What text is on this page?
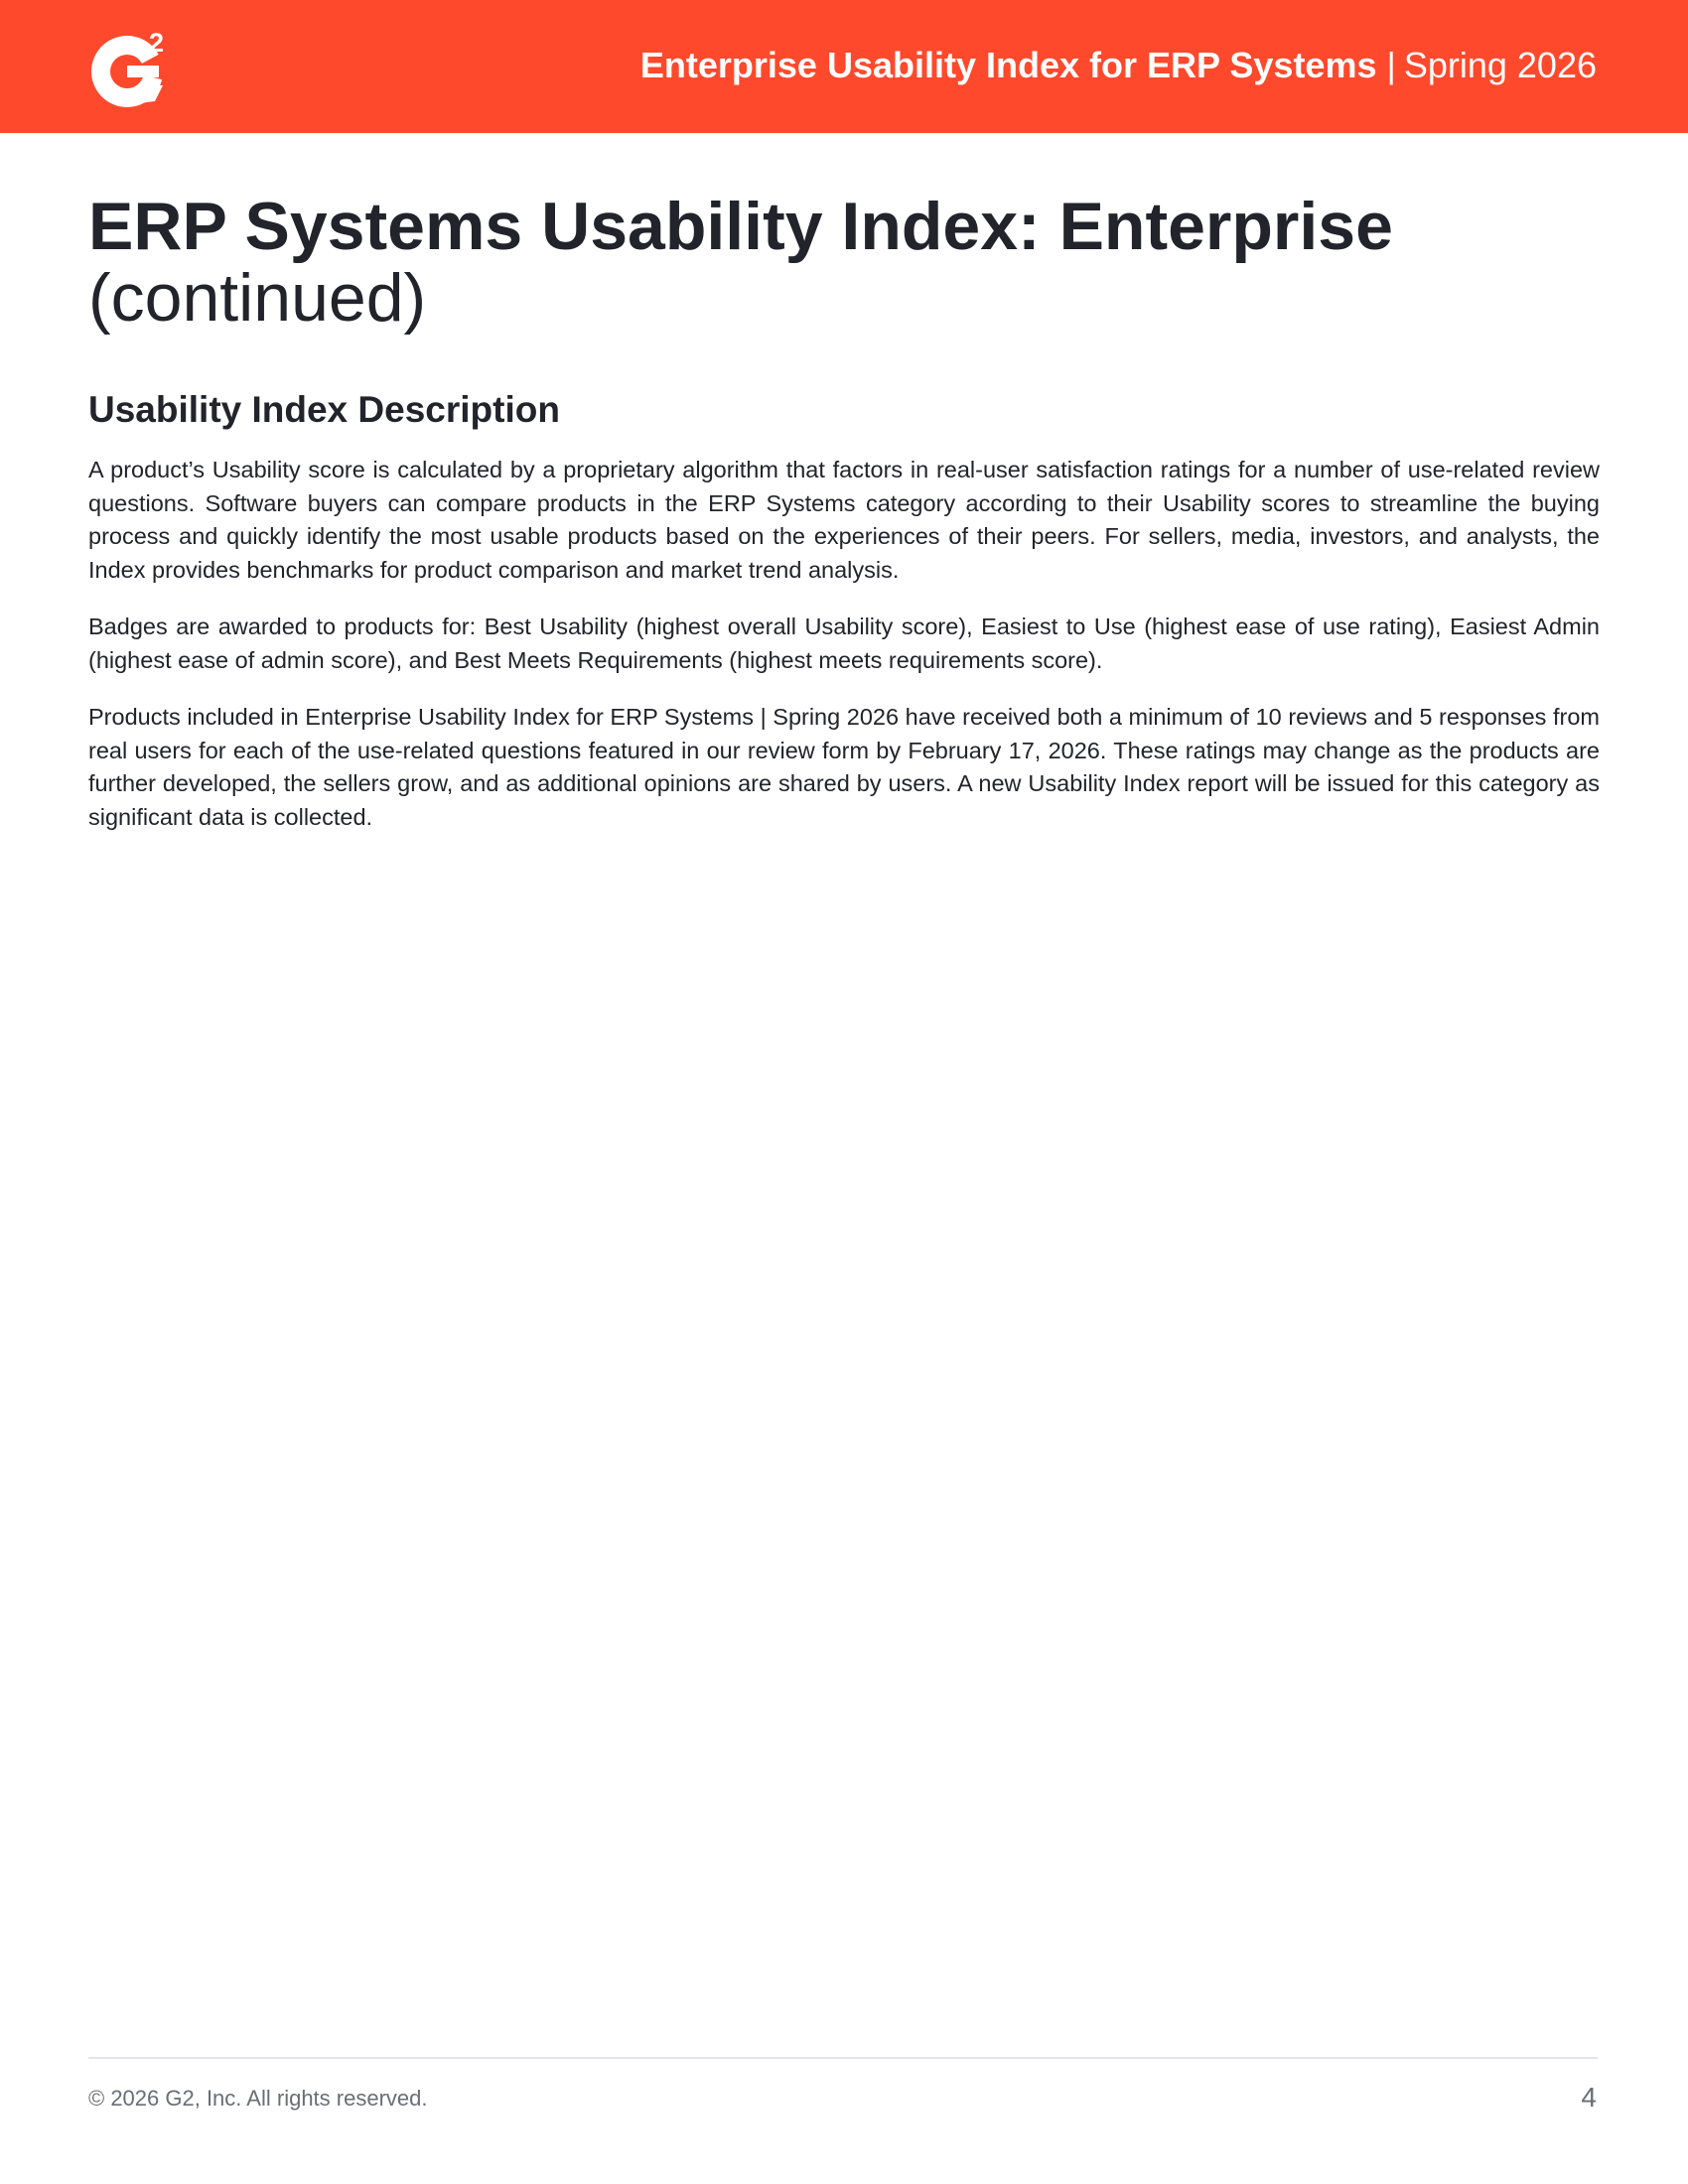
2
Enterprise Usability Index for ERP Systems | Spring 2026
ERP Systems Usability Index: Enterprise
(continued)
Usability Index Description

A product’s Usability score is calculated by a proprietary algorithm that factors in real-user satisfaction ratings for a number of use-related review questions. Software buyers can compare products in the ERP Systems category according to their Usability scores to streamline the buying process and quickly identify the most usable products based on the experiences of their peers. For sellers, media, investors, and analysts, the Index provides benchmarks for product comparison and market trend analysis.

Badges are awarded to products for: Best Usability (highest overall Usability score), Easiest to Use (highest ease of use rating), Easiest Admin (highest ease of admin score), and Best Meets Requirements (highest meets requirements score).

Products included in Enterprise Usability Index for ERP Systems | Spring 2026 have received both a minimum of 10 reviews and 5 responses from real users for each of the use-related questions featured in our review form by February 17, 2026. These ratings may change as the products are further developed, the sellers grow, and as additional opinions are shared by users. A new Usability Index report will be issued for this category as significant data is collected.

© 2026 G2, Inc. All rights reserved.	4
